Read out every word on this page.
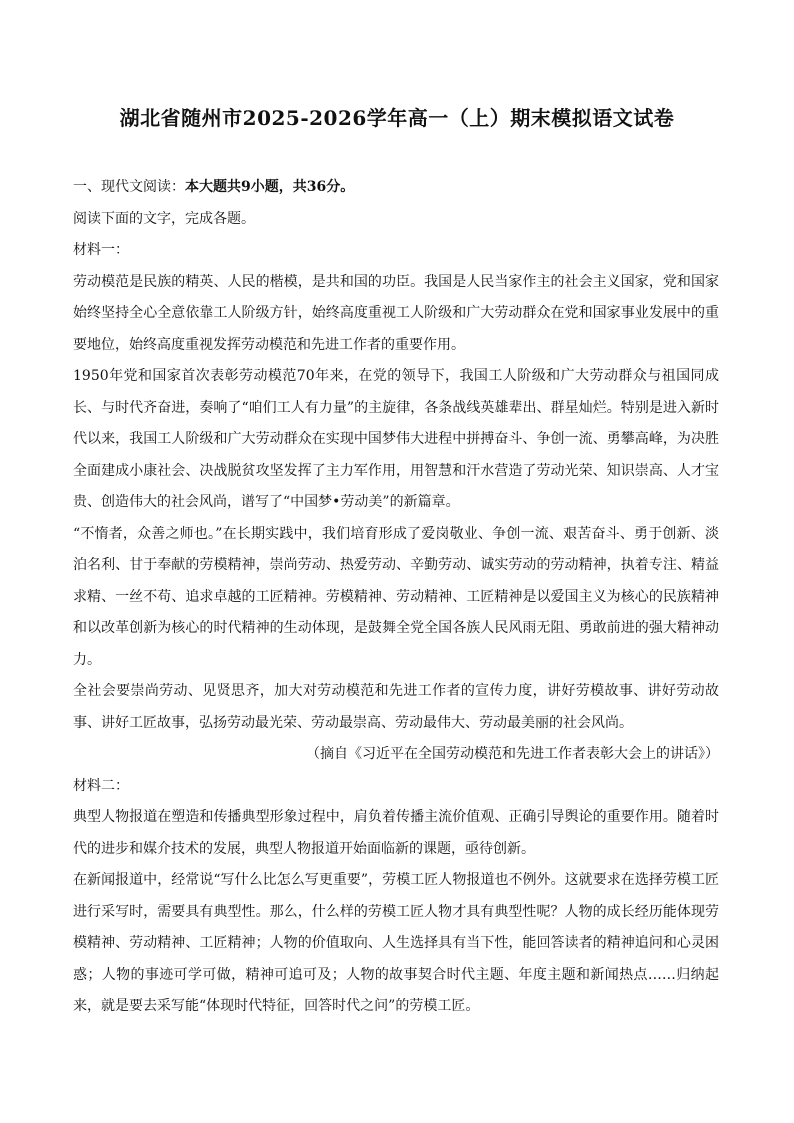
湖北省随州市2025-2026学年高一（上）期末模拟语文试卷

一、现代文阅读：本大题共9小题，共36分。

阅读下面的文字，完成各题。

材料一：

劳动模范是民族的精英、人民的楷模，是共和国的功臣。我国是人民当家作主的社会主义国家，党和国家始终坚持全心全意依靠工人阶级方针，始终高度重视工人阶级和广大劳动群众在党和国家事业发展中的重要地位，始终高度重视发挥劳动模范和先进工作者的重要作用。

1950年党和国家首次表彰劳动模范70年来，在党的领导下，我国工人阶级和广大劳动群众与祖国同成长、与时代齐奋进，奏响了“咱们工人有力量”的主旋律，各条战线英雄辈出、群星灿烂。特别是进入新时代以来，我国工人阶级和广大劳动群众在实现中国梦伟大进程中拼搏奋斗、争创一流、勇攀高峰，为决胜全面建成小康社会、决战脱贫攻坚发挥了主力军作用，用智慧和汗水营造了劳动光荣、知识崇高、人才宝贵、创造伟大的社会风尚，谱写了“中国梦•劳动美”的新篇章。

“不惰者，众善之师也。”在长期实践中，我们培育形成了爱岗敬业、争创一流、艰苦奋斗、勇于创新、淡泊名利、甘于奉献的劳模精神，崇尚劳动、热爱劳动、辛勤劳动、诚实劳动的劳动精神，执着专注、精益求精、一丝不苟、追求卓越的工匠精神。劳模精神、劳动精神、工匠精神是以爱国主义为核心的民族精神和以改革创新为核心的时代精神的生动体现，是鼓舞全党全国各族人民风雨无阻、勇敢前进的强大精神动力。

全社会要崇尚劳动、见贤思齐，加大对劳动模范和先进工作者的宣传力度，讲好劳模故事、讲好劳动故事、讲好工匠故事，弘扬劳动最光荣、劳动最崇高、劳动最伟大、劳动最美丽的社会风尚。

（摘自《习近平在全国劳动模范和先进工作者表彰大会上的讲话》）

材料二：

典型人物报道在塑造和传播典型形象过程中，肩负着传播主流价值观、正确引导舆论的重要作用。随着时代的进步和媒介技术的发展，典型人物报道开始面临新的课题，亟待创新。

在新闻报道中，经常说“写什么比怎么写更重要”，劳模工匠人物报道也不例外。这就要求在选择劳模工匠进行采写时，需要具有典型性。那么，什么样的劳模工匠人物才具有典型性呢？人物的成长经历能体现劳模精神、劳动精神、工匠精神；人物的价值取向、人生选择具有当下性，能回答读者的精神追问和心灵困惑；人物的事迹可学可做，精神可追可及；人物的故事契合时代主题、年度主题和新闻热点……归纳起来，就是要去采写能“体现时代特征，回答时代之问”的劳模工匠。
